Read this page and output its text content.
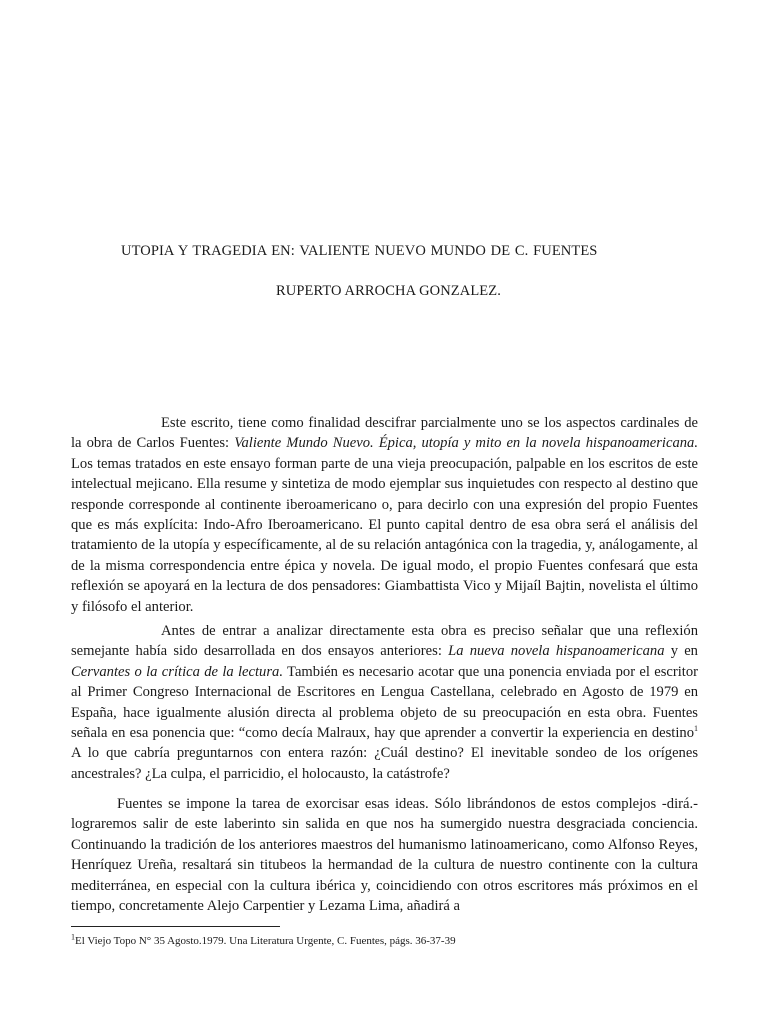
UTOPIA Y TRAGEDIA EN: VALIENTE NUEVO MUNDO DE C. FUENTES
RUPERTO ARROCHA GONZALEZ.

Este escrito, tiene como finalidad descifrar parcialmente uno se los aspectos cardinales de la obra de Carlos Fuentes: Valiente Mundo Nuevo. Épica, utopía y mito en la novela hispanoamericana. Los temas tratados en este ensayo forman parte de una vieja preocupación, palpable en los escritos de este intelectual mejicano. Ella resume y sintetiza de modo ejemplar sus inquietudes con respecto al destino que responde corresponde al continente iberoamericano o, para decirlo con una expresión del propio Fuentes que es más explícita: Indo-Afro Iberoamericano. El punto capital dentro de esa obra será el análisis del tratamiento de la utopía y específicamente, al de su relación antagónica con la tragedia, y, análogamente, al de la misma correspondencia entre épica y novela. De igual modo, el propio Fuentes confesará que esta reflexión se apoyará en la lectura de dos pensadores: Giambattista Vico y Mijaíl Bajtin, novelista el último y filósofo el anterior.

Antes de entrar a analizar directamente esta obra es preciso señalar que una reflexión semejante había sido desarrollada en dos ensayos anteriores: La nueva novela hispanoamericana y en Cervantes o la crítica de la lectura. También es necesario acotar que una ponencia enviada por el escritor al Primer Congreso Internacional de Escritores en Lengua Castellana, celebrado en Agosto de 1979 en España, hace igualmente alusión directa al problema objeto de su preocupación en esta obra. Fuentes señala en esa ponencia que: “como decía Malraux, hay que aprender a convertir la experiencia en destino$^1$ A lo que cabría preguntarnos con entera razón: ¿Cuál destino? El inevitable sondeo de los orígenes ancestrales? ¿La culpa, el parricidio, el holocausto, la catástrofe?

Fuentes se impone la tarea de exorcisar esas ideas. Sólo librándonos de estos complejos -dirá.- lograremos salir de este laberinto sin salida en que nos ha sumergido nuestra desgraciada conciencia. Continuando la tradición de los anteriores maestros del humanismo latinoamericano, como Alfonso Reyes, Henríquez Ureña, resaltará sin titubeos la hermandad de la cultura de nuestro continente con la cultura mediterránea, en especial con la cultura ibérica y, coincidiendo con otros escritores más próximos en el tiempo, concretamente Alejo Carpentier y Lezama Lima, añadirá a

$^1$El Viejo Topo N° 35 Agosto.1979. Una Literatura Urgente, C. Fuentes, págs. 36-37-39
